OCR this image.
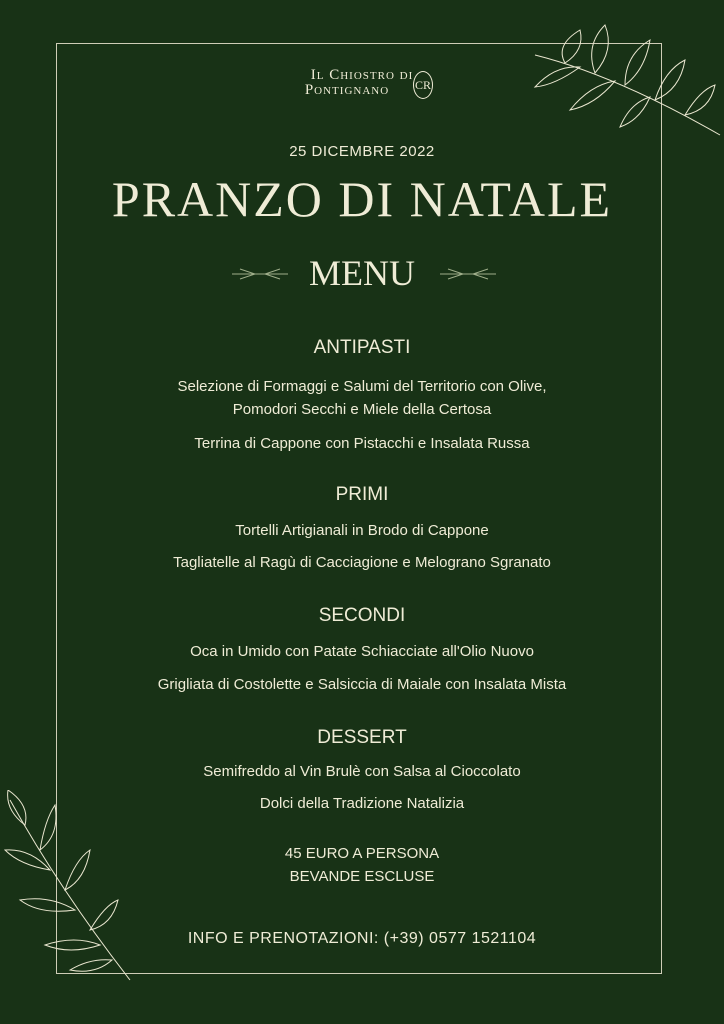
Il Chiostro di
Pontignano	CR
25 DICEMBRE 2022
PRANZO DI NATALE
MENU
ANTIPASTI
Selezione di Formaggi e Salumi del Territorio con Olive,
Pomodori Secchi e Miele della Certosa
Terrina di Cappone con Pistacchi e Insalata Russa
PRIMI
Tortelli Artigianali in Brodo di Cappone
Tagliatelle al Ragù di Cacciagione e Melograno Sgranato
SECONDI
Oca in Umido con Patate Schiacciate all'Olio Nuovo
Grigliata di Costolette e Salsiccia di Maiale con Insalata Mista
DESSERT
Semifreddo al Vin Brulè con Salsa al Cioccolato
Dolci della Tradizione Natalizia
45 EURO A PERSONA
BEVANDE ESCLUSE
INFO E PRENOTAZIONI: (+39) 0577 1521104
